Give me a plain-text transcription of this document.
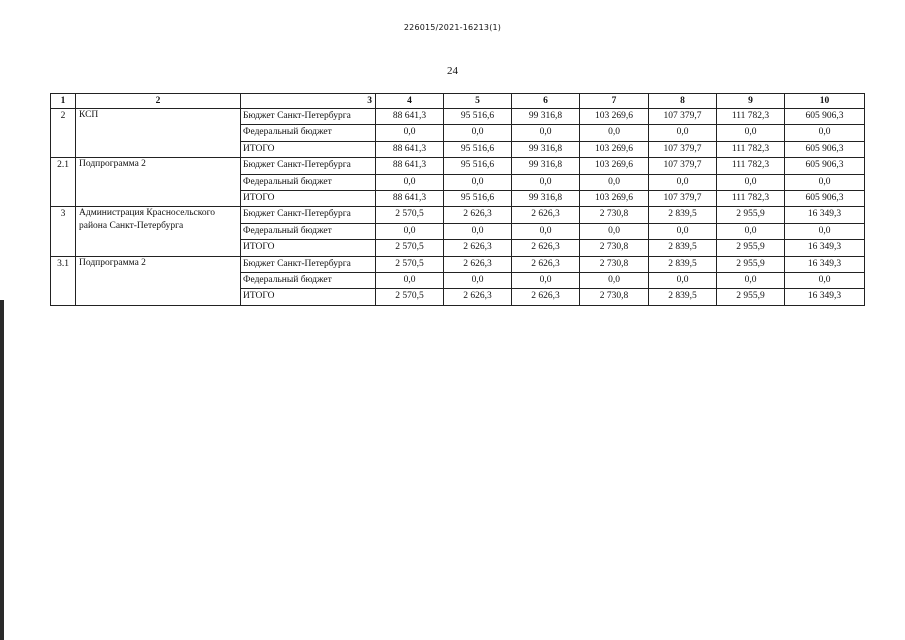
226015/2021-16213(1)
24
1	2	3	4	5	6	7	8	9	10
2	КСП	Бюджет Санкт-Петербурга	88 641,3	95 516,6	99 316,8	103 269,6	107 379,7	111 782,3	605 906,3
		Федеральный бюджет	0,0	0,0	0,0	0,0	0,0	0,0	0,0
		ИТОГО	88 641,3	95 516,6	99 316,8	103 269,6	107 379,7	111 782,3	605 906,3
2.1	Подпрограмма 2	Бюджет Санкт-Петербурга	88 641,3	95 516,6	99 316,8	103 269,6	107 379,7	111 782,3	605 906,3
		Федеральный бюджет	0,0	0,0	0,0	0,0	0,0	0,0	0,0
		ИТОГО	88 641,3	95 516,6	99 316,8	103 269,6	107 379,7	111 782,3	605 906,3
3	Администрация Красносельского района Санкт-Петербурга	Бюджет Санкт-Петербурга	2 570,5	2 626,3	2 626,3	2 730,8	2 839,5	2 955,9	16 349,3
		Федеральный бюджет	0,0	0,0	0,0	0,0	0,0	0,0	0,0
		ИТОГО	2 570,5	2 626,3	2 626,3	2 730,8	2 839,5	2 955,9	16 349,3
3.1	Подпрограмма 2	Бюджет Санкт-Петербурга	2 570,5	2 626,3	2 626,3	2 730,8	2 839,5	2 955,9	16 349,3
		Федеральный бюджет	0,0	0,0	0,0	0,0	0,0	0,0	0,0
		ИТОГО	2 570,5	2 626,3	2 626,3	2 730,8	2 839,5	2 955,9	16 349,3
